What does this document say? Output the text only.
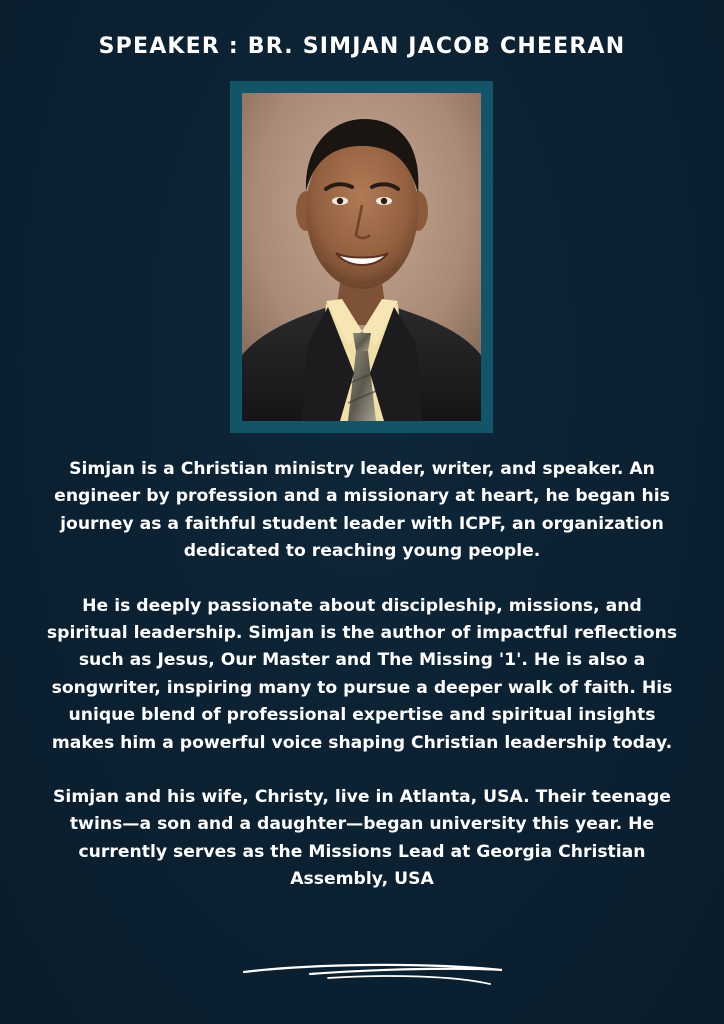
SPEAKER : BR. SIMJAN JACOB CHEERAN

Simjan is a Christian ministry leader, writer, and speaker. An engineer by profession and a missionary at heart, he began his journey as a faithful student leader with ICPF, an organization dedicated to reaching young people.

He is deeply passionate about discipleship, missions, and spiritual leadership. Simjan is the author of impactful reflections such as Jesus, Our Master and The Missing '1'. He is also a songwriter, inspiring many to pursue a deeper walk of faith. His unique blend of professional expertise and spiritual insights makes him a powerful voice shaping Christian leadership today.

Simjan and his wife, Christy, live in Atlanta, USA. Their teenage twins—a son and a daughter—began university this year. He currently serves as the Missions Lead at Georgia Christian Assembly, USA
